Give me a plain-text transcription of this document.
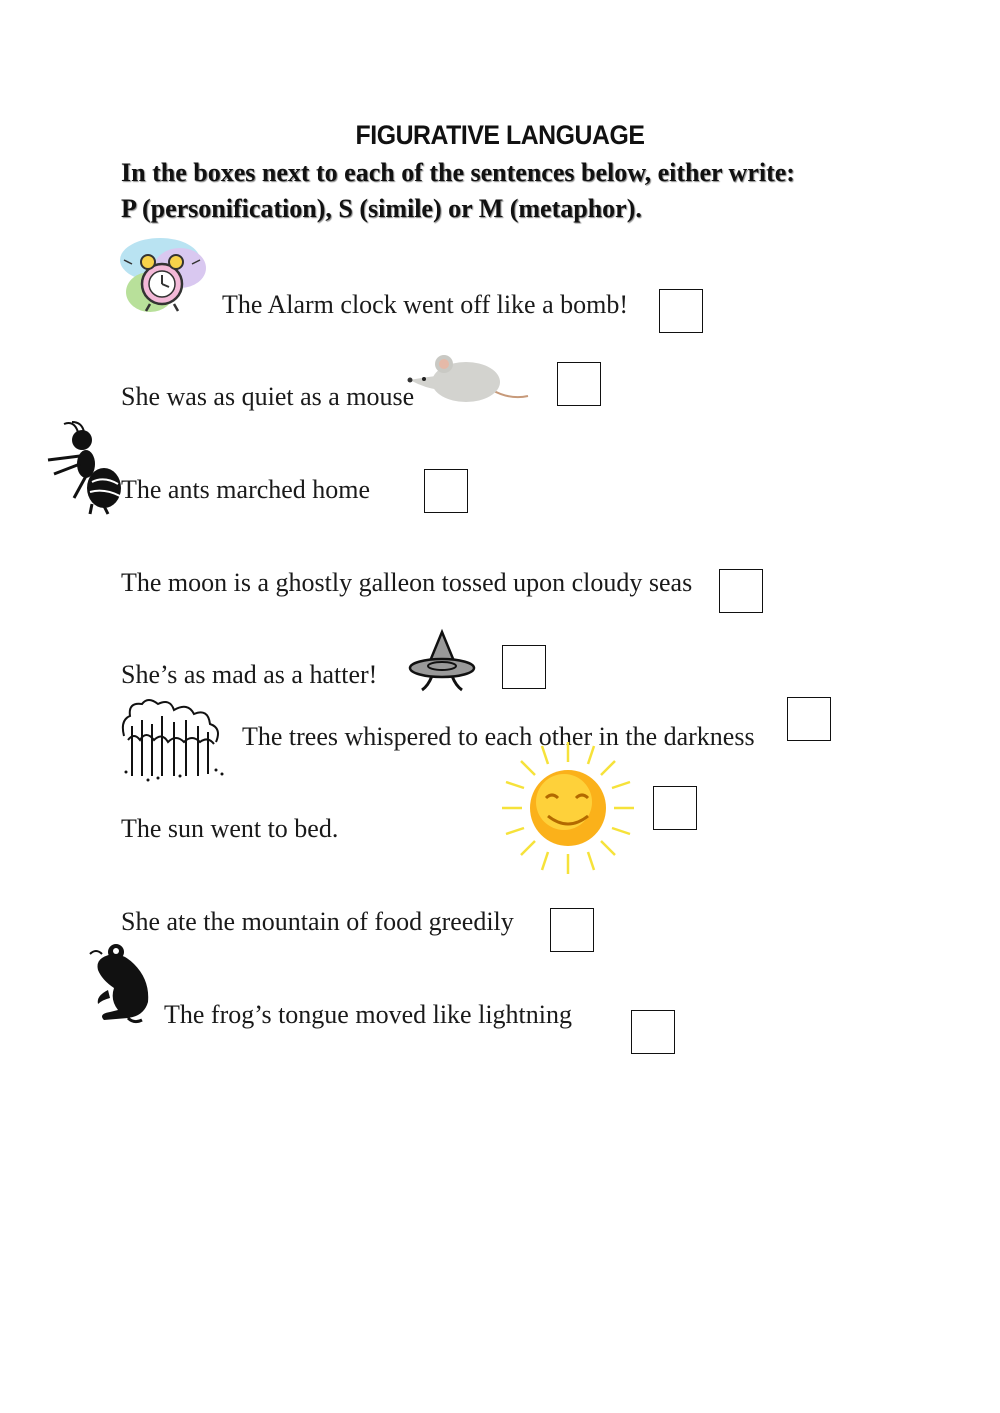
FIGURATIVE LANGUAGE
In the boxes next to each of the sentences below, either write:
P (personification), S (simile) or M (metaphor).
The Alarm clock went off like a bomb!
She was as quiet as a mouse
The ants marched home
The moon is a ghostly galleon tossed upon cloudy seas
She’s as mad as a hatter!
The trees whispered to each other in the darkness
The sun went to bed.
She ate the mountain of food greedily
The frog’s tongue moved like lightning
